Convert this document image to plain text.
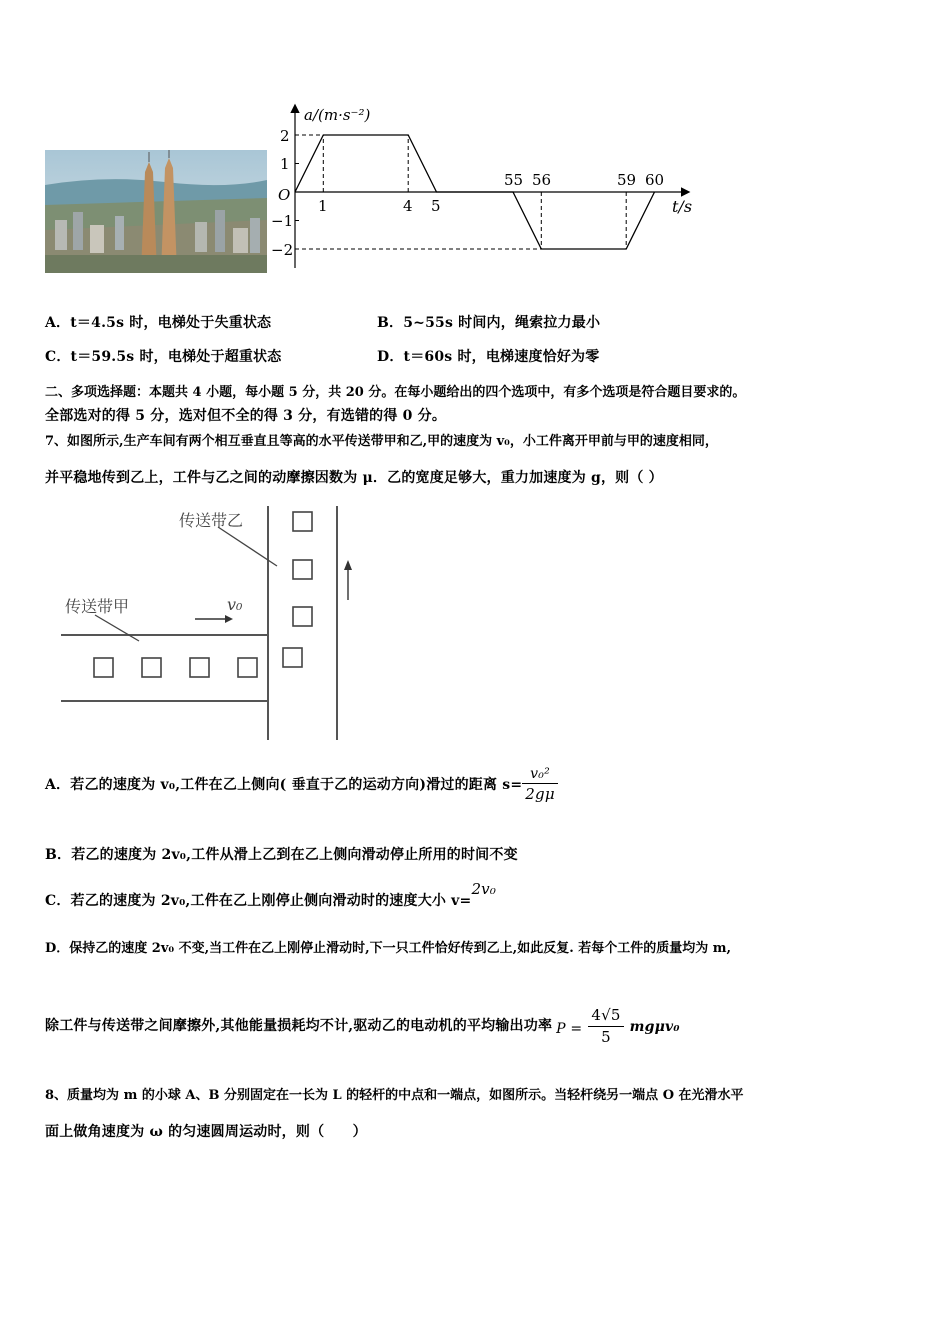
a/(m·s⁻²)
t/s
O
2
1
−1
−2
1	4 5
55 56	59 60
A．t＝4.5s 时，电梯处于失重状态	B．5~55s 时间内，绳索拉力最小
C．t＝59.5s 时，电梯处于超重状态	D．t＝60s 时，电梯速度恰好为零
二、多项选择题：本题共 4 小题，每小题 5 分，共 20 分。在每小题给出的四个选项中，有多个选项是符合题目要求的。
全部选对的得 5 分，选对但不全的得 3 分，有选错的得 0 分。
7、如图所示,生产车间有两个相互垂直且等高的水平传送带甲和乙,甲的速度为 v₀，小工件离开甲前与甲的速度相同，
并平稳地传到乙上，工件与乙之间的动摩擦因数为 μ．乙的宽度足够大，重力加速度为 g，则（ ）
传送带乙
传送带甲	v₀
A．若乙的速度为 v₀,工件在乙上侧向( 垂直于乙的运动方向)滑过的距离 $s= \frac{\text{v₀²}}{2g\mu}$
B．若乙的速度为 2v₀,工件从滑上乙到在乙上侧向滑动停止所用的时间不变
C．若乙的速度为 2v₀,工件在乙上刚停止侧向滑动时的速度大小 v=
2v₀
D．保持乙的速度 2v₀ 不变,当工件在乙上刚停止滑动时,下一只工件恰好传到乙上,如此反复. 若每个工件的质量均为 m,
除工件与传送带之间摩擦外,其他能量损耗均不计,驱动乙的电动机的平均输出功率 $P = \frac{4√5}{5} mg\mu v_0$
8、质量均为 m 的小球 A、B 分别固定在一长为 L 的轻杆的中点和一端点，如图所示。当轻杆绕另一端点 O 在光滑水平
面上做角速度为 ω 的匀速圆周运动时，则（　　）
